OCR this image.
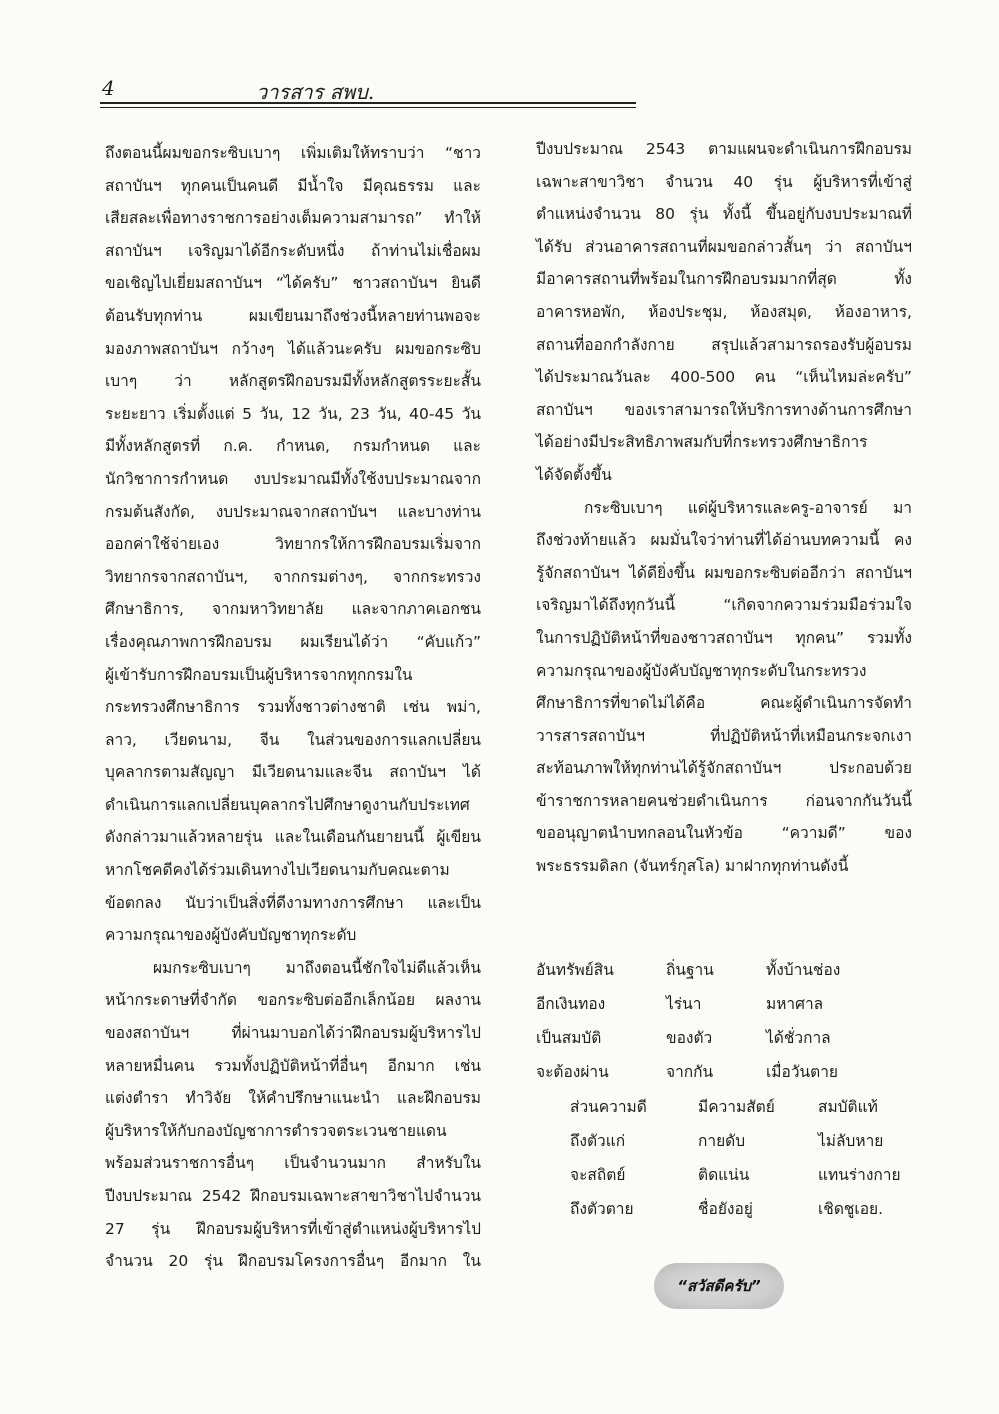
4	วารสาร สพบ.
ถึงตอนนี้ผมขอกระซิบเบาๆ เพิ่มเติมให้ทราบว่า “ชาว
สถาบันฯ ทุกคนเป็นคนดี มีน้ำใจ มีคุณธรรม และ
เสียสละเพื่อทางราชการอย่างเต็มความสามารถ” ทำให้
สถาบันฯ เจริญมาได้อีกระดับหนึ่ง ถ้าท่านไม่เชื่อผม
ขอเชิญไปเยี่ยมสถาบันฯ “ได้ครับ” ชาวสถาบันฯ ยินดี
ต้อนรับทุกท่าน	ผมเขียนมาถึงช่วงนี้หลายท่านพอจะ
มองภาพสถาบันฯ กว้างๆ ได้แล้วนะครับ ผมขอกระซิบ
เบาๆ ว่า หลักสูตรฝึกอบรมมีทั้งหลักสูตรระยะสั้น
ระยะยาว เริ่มตั้งแต่ 5 วัน, 12 วัน, 23 วัน, 40-45 วัน
มีทั้งหลักสูตรที่ ก.ค. กำหนด, กรมกำหนด และ
นักวิชาการกำหนด งบประมาณมีทั้งใช้งบประมาณจาก
กรมต้นสังกัด, งบประมาณจากสถาบันฯ และบางท่าน
ออกค่าใช้จ่ายเอง	วิทยากรให้การฝึกอบรมเริ่มจาก
วิทยากรจากสถาบันฯ, จากกรมต่างๆ, จากกระทรวง
ศึกษาธิการ, จากมหาวิทยาลัย และจากภาคเอกชน
เรื่องคุณภาพการฝึกอบรม ผมเรียนได้ว่า “คับแก้ว”
ผู้เข้ารับการฝึกอบรมเป็นผู้บริหารจากทุกกรมใน
กระทรวงศึกษาธิการ รวมทั้งชาวต่างชาติ เช่น พม่า,
ลาว, เวียดนาม, จีน ในส่วนของการแลกเปลี่ยน
บุคลากรตามสัญญา มีเวียดนามและจีน สถาบันฯ ได้
ดำเนินการแลกเปลี่ยนบุคลากรไปศึกษาดูงานกับประเทศ
ดังกล่าวมาแล้วหลายรุ่น และในเดือนกันยายนนี้ ผู้เขียน
หากโชคดีคงได้ร่วมเดินทางไปเวียดนามกับคณะตาม
ข้อตกลง นับว่าเป็นสิ่งที่ดีงามทางการศึกษา และเป็น
ความกรุณาของผู้บังคับบัญชาทุกระดับ
ผมกระซิบเบาๆ มาถึงตอนนี้ชักใจไม่ดีแล้วเห็น
หน้ากระดาษที่จำกัด ขอกระซิบต่ออีกเล็กน้อย ผลงาน
ของสถาบันฯ	ที่ผ่านมาบอกได้ว่าฝึกอบรมผู้บริหารไป
หลายหมื่นคน รวมทั้งปฏิบัติหน้าที่อื่นๆ อีกมาก เช่น
แต่งตำรา ทำวิจัย ให้คำปรึกษาแนะนำ และฝึกอบรม
ผู้บริหารให้กับกองบัญชาการตำรวจตระเวนชายแดน
พร้อมส่วนราชการอื่นๆ เป็นจำนวนมาก สำหรับใน
ปีงบประมาณ 2542 ฝึกอบรมเฉพาะสาขาวิชาไปจำนวน
27 รุ่น ฝึกอบรมผู้บริหารที่เข้าสู่ตำแหน่งผู้บริหารไป
จำนวน 20 รุ่น ฝึกอบรมโครงการอื่นๆ อีกมาก ใน
ปีงบประมาณ 2543 ตามแผนจะดำเนินการฝึกอบรม
เฉพาะสาขาวิชา จำนวน 40 รุ่น ผู้บริหารที่เข้าสู่
ตำแหน่งจำนวน 80 รุ่น ทั้งนี้ ขึ้นอยู่กับงบประมาณที่
ได้รับ ส่วนอาคารสถานที่ผมขอกล่าวสั้นๆ ว่า สถาบันฯ
มีอาคารสถานที่พร้อมในการฝึกอบรมมากที่สุด	ทั้ง
อาคารหอพัก, ห้องประชุม, ห้องสมุด, ห้องอาหาร,
สถานที่ออกกำลังกาย สรุปแล้วสามารถรองรับผู้อบรม
ได้ประมาณวันละ 400-500 คน “เห็นไหมล่ะครับ”
สถาบันฯ ของเราสามารถให้บริการทางด้านการศึกษา
ได้อย่างมีประสิทธิภาพสมกับที่กระทรวงศึกษาธิการ
ได้จัดตั้งขึ้น
กระซิบเบาๆ แด่ผู้บริหารและครู-อาจารย์ มา
ถึงช่วงท้ายแล้ว ผมมั่นใจว่าท่านที่ได้อ่านบทความนี้ คง
รู้จักสถาบันฯ ได้ดียิ่งขึ้น ผมขอกระซิบต่ออีกว่า สถาบันฯ
เจริญมาได้ถึงทุกวันนี้	“เกิดจากความร่วมมือร่วมใจ
ในการปฏิบัติหน้าที่ของชาวสถาบันฯ ทุกคน” รวมทั้ง
ความกรุณาของผู้บังคับบัญชาทุกระดับในกระทรวง
ศึกษาธิการที่ขาดไม่ได้คือ	คณะผู้ดำเนินการจัดทำ
วารสารสถาบันฯ	ที่ปฏิบัติหน้าที่เหมือนกระจกเงา
สะท้อนภาพให้ทุกท่านได้รู้จักสถาบันฯ	ประกอบด้วย
ข้าราชการหลายคนช่วยดำเนินการ ก่อนจากกันวันนี้
ขออนุญาตนำบทกลอนในหัวข้อ “ความดี” ของ
พระธรรมดิลก (จันทร์กุสโล) มาฝากทุกท่านดังนี้
อันทรัพย์สิน	ถิ่นฐาน	ทั้งบ้านช่อง
อีกเงินทอง	ไร่นา	มหาศาล
เป็นสมบัติ	ของตัว	ได้ชั่วกาล
จะต้องผ่าน	จากกัน	เมื่อวันตาย
ส่วนความดี	มีความสัตย์	สมบัติแท้
ถึงตัวแก่	กายดับ	ไม่ลับหาย
จะสถิตย์	ติดแน่น	แทนร่างกาย
ถึงตัวตาย	ชื่อยังอยู่	เชิดชูเอย.
“สวัสดีครับ”
